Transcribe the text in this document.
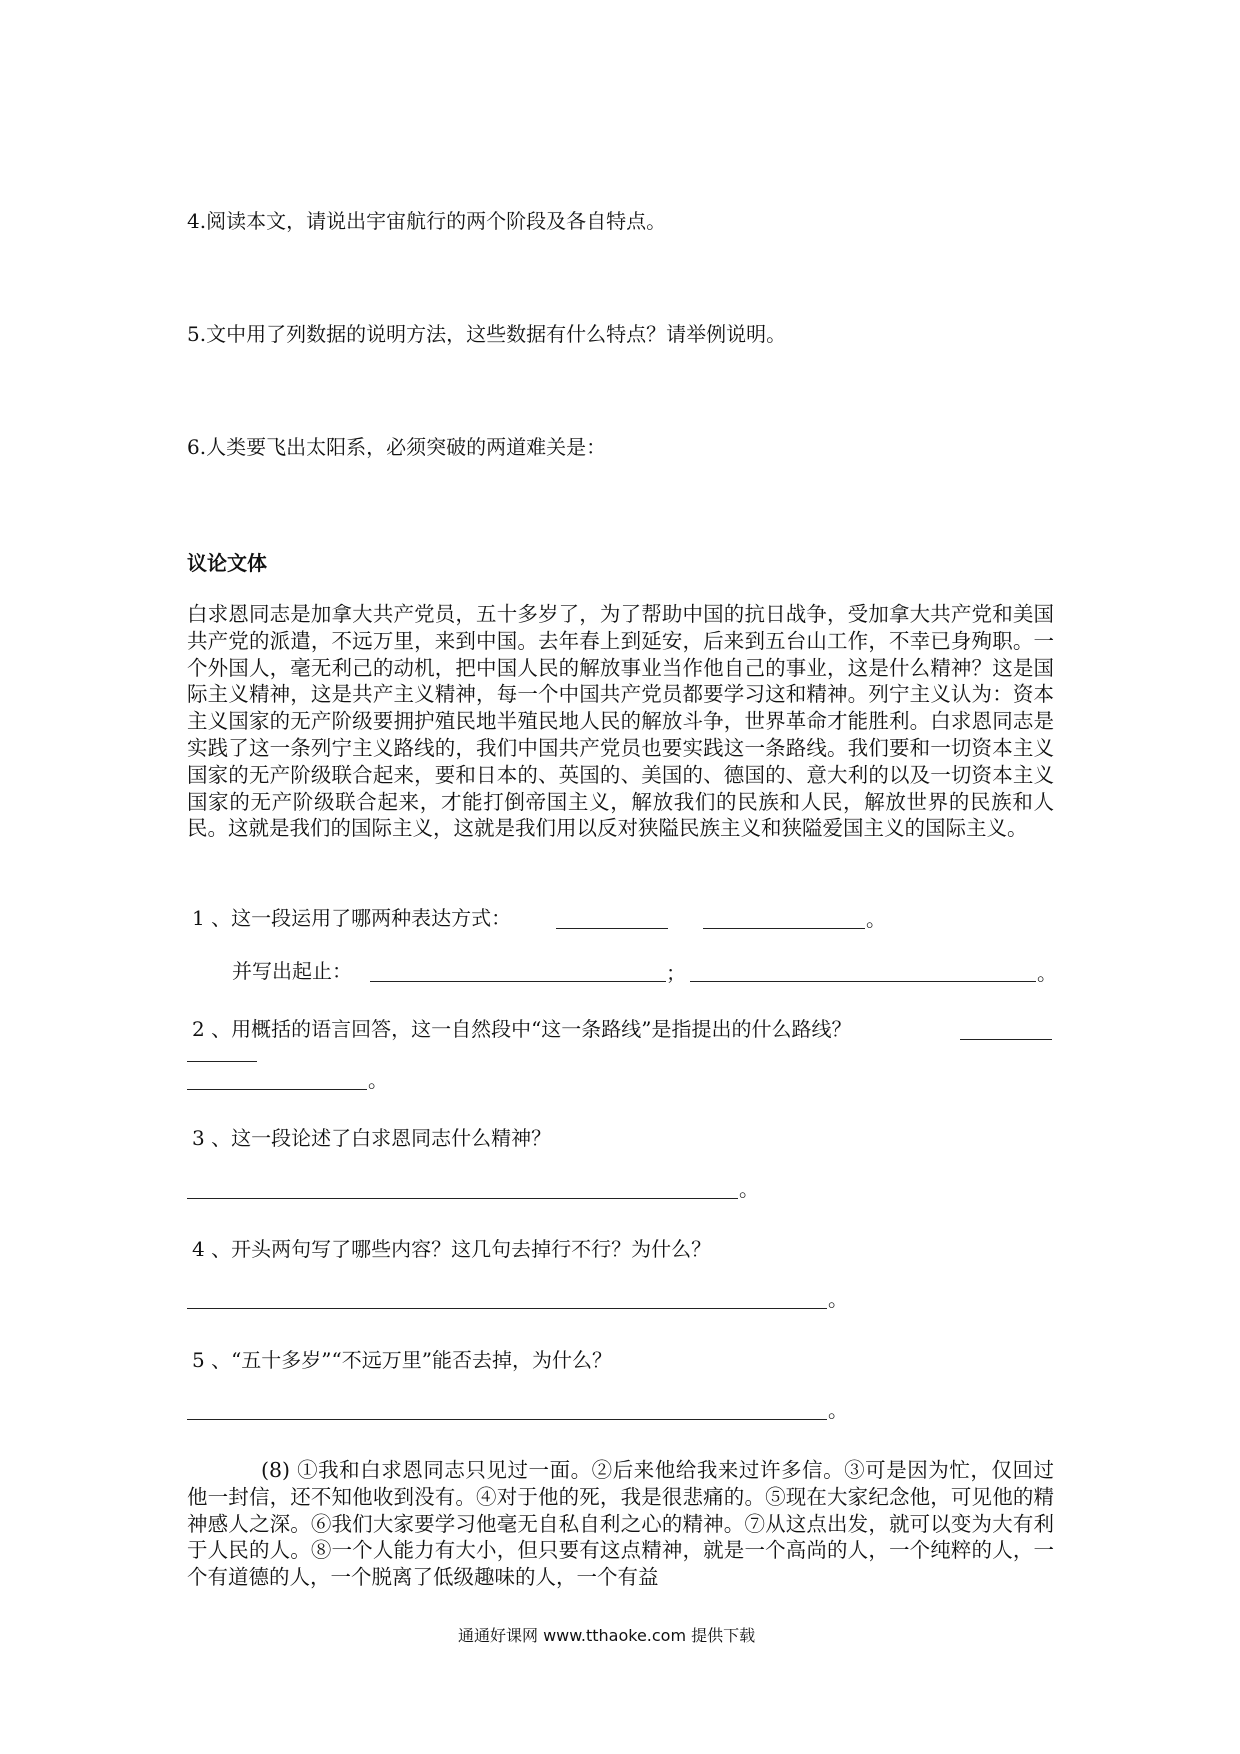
4.阅读本文，请说出宇宙航行的两个阶段及各自特点。
5.文中用了列数据的说明方法，这些数据有什么特点？请举例说明。
6.人类要飞出太阳系，必须突破的两道难关是：
议论文体
白求恩同志是加拿大共产党员，五十多岁了，为了帮助中国的抗日战争，受加拿大共产党和美国共产党的派遣，不远万里，来到中国。去年春上到延安，后来到五台山工作，不幸已身殉职。一个外国人，毫无利己的动机，把中国人民的解放事业当作他自己的事业，这是什么精神？这是国际主义精神，这是共产主义精神，每一个中国共产党员都要学习这和精神。列宁主义认为：资本主义国家的无产阶级要拥护殖民地半殖民地人民的解放斗争，世界革命才能胜利。白求恩同志是实践了这一条列宁主义路线的，我们中国共产党员也要实践这一条路线。我们要和一切资本主义国家的无产阶级联合起来，要和日本的、英国的、美国的、德国的、意大利的以及一切资本主义国家的无产阶级联合起来，才能打倒帝国主义，解放我们的民族和人民，解放世界的民族和人民。这就是我们的国际主义，这就是我们用以反对狭隘民族主义和狭隘爱国主义的国际主义。
1 、这一段运用了哪两种表达方式：	。
并写出起止：	；	。
2 、用概括的语言回答，这一自然段中“这一条路线”是指提出的什么路线？
。
3 、这一段论述了白求恩同志什么精神？
。
4 、开头两句写了哪些内容？这几句去掉行不行？为什么？
。
5 、“五十多岁”“不远万里”能否去掉，为什么？
。
(8) ①我和白求恩同志只见过一面。②后来他给我来过许多信。③可是因为忙，仅回过他一封信，还不知他收到没有。④对于他的死，我是很悲痛的。⑤现在大家纪念他，可见他的精神感人之深。⑥我们大家要学习他毫无自私自利之心的精神。⑦从这点出发，就可以变为大有利于人民的人。⑧一个人能力有大小，但只要有这点精神，就是一个高尚的人，一个纯粹的人，一个有道德的人，一个脱离了低级趣味的人，一个有益
通通好课网 www.tthaoke.com 提供下载
